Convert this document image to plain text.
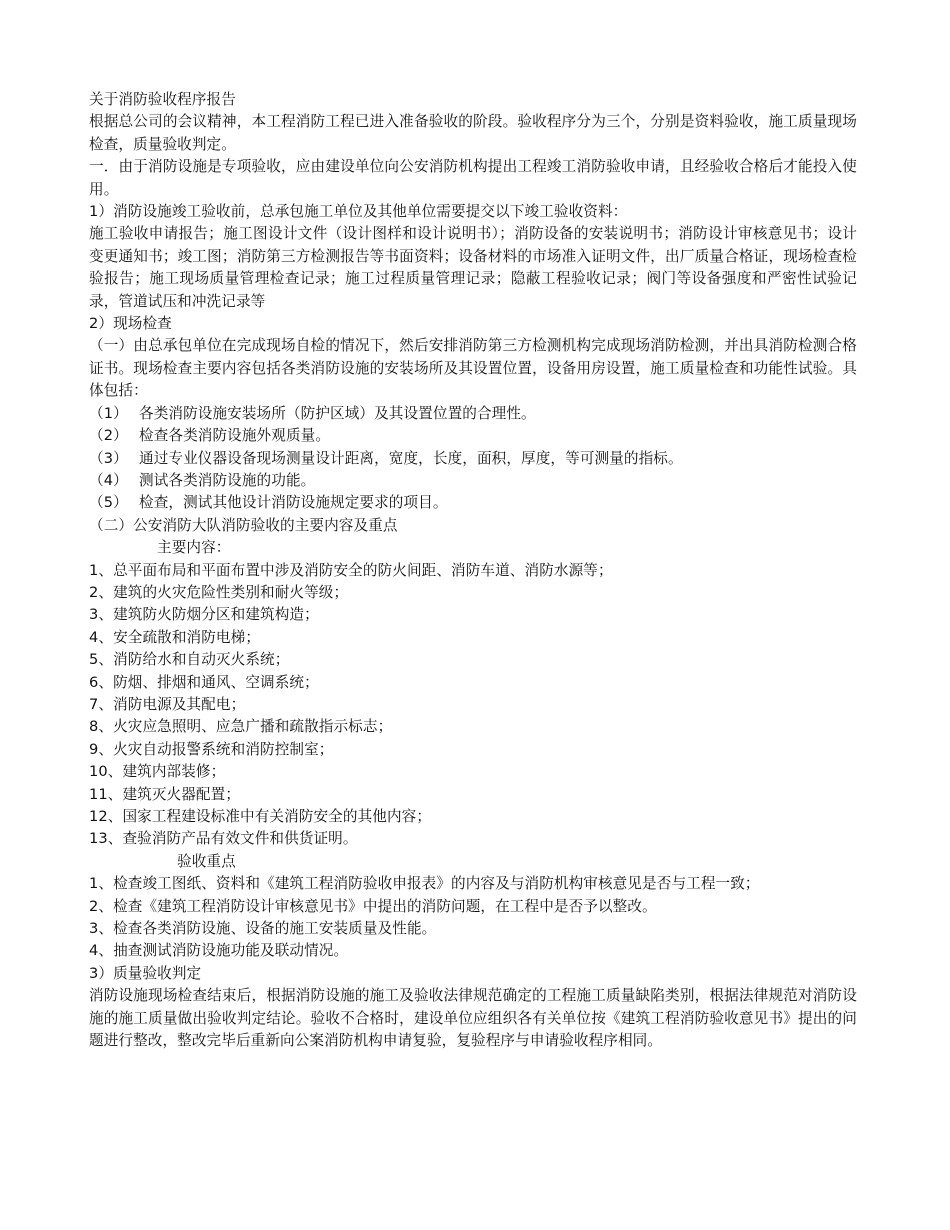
关于消防验收程序报告

根据总公司的会议精神，本工程消防工程已进入准备验收的阶段。验收程序分为三个，分别是资料验收，施工质量现场检查，质量验收判定。

一．由于消防设施是专项验收，应由建设单位向公安消防机构提出工程竣工消防验收申请，且经验收合格后才能投入使用。

1）消防设施竣工验收前，总承包施工单位及其他单位需要提交以下竣工验收资料：

施工验收申请报告；施工图设计文件（设计图样和设计说明书）；消防设备的安装说明书；消防设计审核意见书；设计变更通知书；竣工图；消防第三方检测报告等书面资料；设备材料的市场准入证明文件，出厂质量合格证，现场检查检验报告；施工现场质量管理检查记录；施工过程质量管理记录；隐蔽工程验收记录；阀门等设备强度和严密性试验记录，管道试压和冲洗记录等

2）现场检查

（一）由总承包单位在完成现场自检的情况下，然后安排消防第三方检测机构完成现场消防检测，并出具消防检测合格证书。现场检查主要内容包括各类消防设施的安装场所及其设置位置，设备用房设置，施工质量检查和功能性试验。具体包括：

（1） 各类消防设施安装场所（防护区域）及其设置位置的合理性。

（2） 检查各类消防设施外观质量。

（3） 通过专业仪器设备现场测量设计距离，宽度，长度，面积，厚度，等可测量的指标。

（4） 测试各类消防设施的功能。

（5） 检查，测试其他设计消防设施规定要求的项目。

（二）公安消防大队消防验收的主要内容及重点

主要内容：

1、总平面布局和平面布置中涉及消防安全的防火间距、消防车道、消防水源等；

2、建筑的火灾危险性类别和耐火等级；

3、建筑防火防烟分区和建筑构造；

4、安全疏散和消防电梯；

5、消防给水和自动灭火系统；

6、防烟、排烟和通风、空调系统；

7、消防电源及其配电；

8、火灾应急照明、应急广播和疏散指示标志；

9、火灾自动报警系统和消防控制室；

10、建筑内部装修；

11、建筑灭火器配置；

12、国家工程建设标准中有关消防安全的其他内容；

13、查验消防产品有效文件和供货证明。

验收重点

1、检查竣工图纸、资料和《建筑工程消防验收申报表》的内容及与消防机构审核意见是否与工程一致；

2、检查《建筑工程消防设计审核意见书》中提出的消防问题，在工程中是否予以整改。

3、检查各类消防设施、设备的施工安装质量及性能。

4、抽查测试消防设施功能及联动情况。

3）质量验收判定

消防设施现场检查结束后，根据消防设施的施工及验收法律规范确定的工程施工质量缺陷类别，根据法律规范对消防设施的施工质量做出验收判定结论。验收不合格时，建设单位应组织各有关单位按《建筑工程消防验收意见书》提出的问题进行整改，整改完毕后重新向公案消防机构申请复验，复验程序与申请验收程序相同。
